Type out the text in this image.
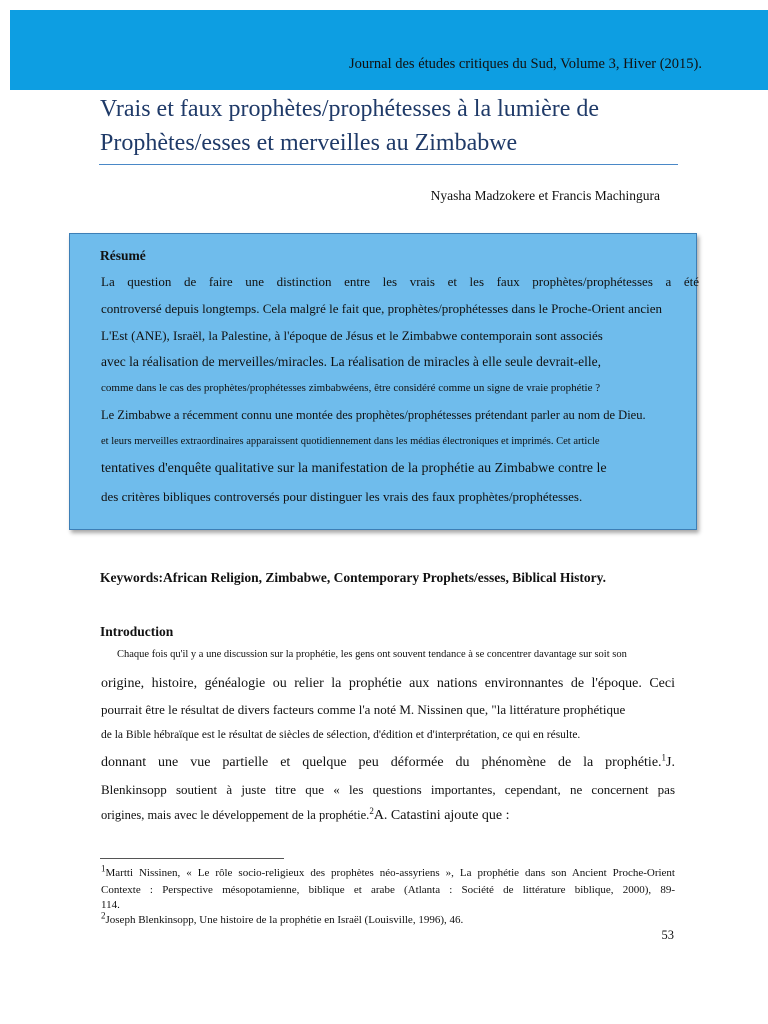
Journal des études critiques du Sud, Volume 3, Hiver (2015).
Vrais et faux prophètes/prophétesses à la lumière de
Prophètes/esses et merveilles au Zimbabwe
Nyasha Madzokere et Francis Machingura
Résumé
La question de faire une distinction entre les vrais et les faux prophètes/prophétesses a été
controversé depuis longtemps. Cela malgré le fait que, prophètes/prophétesses dans le Proche-Orient ancien
L'Est (ANE), Israël, la Palestine, à l'époque de Jésus et le Zimbabwe contemporain sont associés
avec la réalisation de merveilles/miracles. La réalisation de miracles à elle seule devrait-elle,
comme dans le cas des prophètes/prophétesses zimbabwéens, être considéré comme un signe de vraie prophétie ?
Le Zimbabwe a récemment connu une montée des prophètes/prophétesses prétendant parler au nom de Dieu.
et leurs merveilles extraordinaires apparaissent quotidiennement dans les médias électroniques et imprimés. Cet article
tentatives d'enquête qualitative sur la manifestation de la prophétie au Zimbabwe contre le
des critères bibliques controversés pour distinguer les vrais des faux prophètes/prophétesses.
Keywords:African Religion, Zimbabwe, Contemporary Prophets/esses, Biblical History.
Introduction
Chaque fois qu'il y a une discussion sur la prophétie, les gens ont souvent tendance à se concentrer davantage sur soit son
origine, histoire, généalogie ou relier la prophétie aux nations environnantes de l'époque. Ceci
pourrait être le résultat de divers facteurs comme l'a noté M. Nissinen que, "la littérature prophétique
de la Bible hébraïque est le résultat de siècles de sélection, d'édition et d'interprétation, ce qui en résulte.
donnant une vue partielle et quelque peu déformée du phénomène de la prophétie.$^1$J.
Blenkinsopp soutient à juste titre que « les questions importantes, cependant, ne concernent pas
origines, mais avec le développement de la prophétie.$^2$A. Catastini ajoute que :
$^1$Martti Nissinen, « Le rôle socio-religieux des prophètes néo-assyriens », La prophétie dans son Ancient Proche-Orient
Contexte : Perspective mésopotamienne, biblique et arabe (Atlanta : Société de littérature biblique, 2000), 89-
114.
$^2$Joseph Blenkinsopp, Une histoire de la prophétie en Israël (Louisville, 1996), 46.
53
